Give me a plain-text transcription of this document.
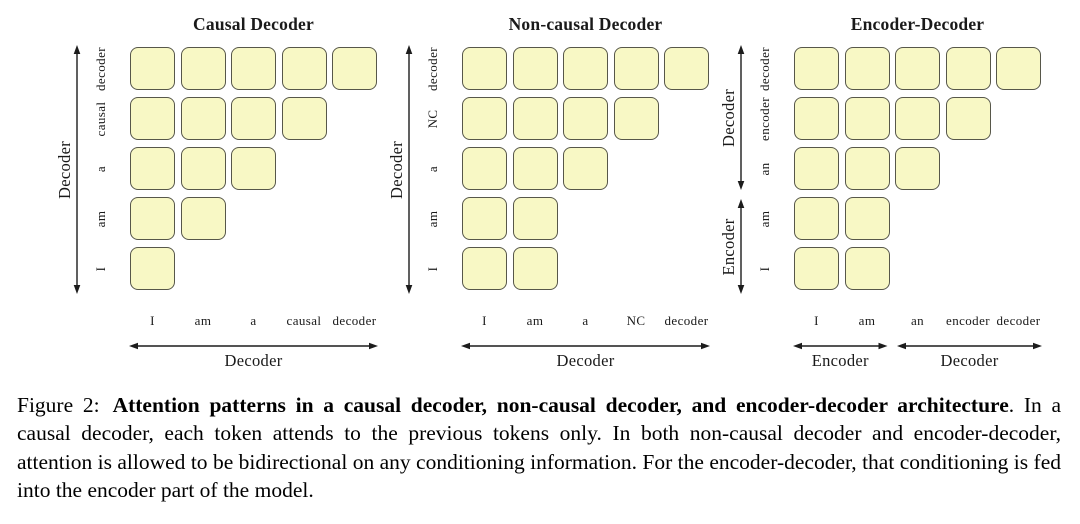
Causal Decoder
decoder
causal
a
am
I
I	am	a causal decoder
Decoder
Decoder
Non-causal Decoder
decoder
NC
a
am
I
I	am	a	NC decoder
Decoder
Decoder
Encoder-Decoder
decoder
encoder
an
am
I
I	am	an encoder decoder
Decoder
Encoder
Encoder	Decoder

Figure 2: Attention patterns in a causal decoder, non-causal decoder, and encoder-decoder architecture. In a causal decoder, each token attends to the previous tokens only. In both non-causal decoder and encoder-decoder, attention is allowed to be bidirectional on any conditioning information. For the encoder-decoder, that conditioning is fed into the encoder part of the model.
